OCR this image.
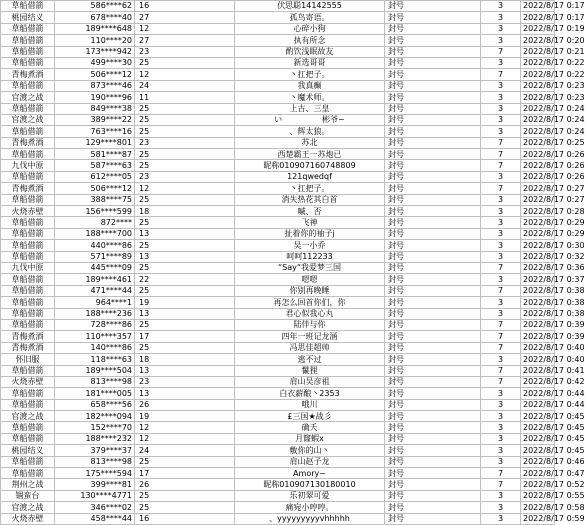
草船借箭	586****62	16	伏思聪14142555	封号	3	2022/8/17 0:17
桃园结义	678****40	27	孤鸟寄语。	封号	3	2022/8/17 0:17
草船借箭	189****648	12	心碎小狗	封号	3	2022/8/17 0:19
草船借箭	110****20	27	执有所念	封号	3	2022/8/17 0:20
草船借箭	173****942	23	酌饮浅眠故友	封号	7	2022/8/17 0:21
草船借箭	499****30	25	新选哥哥	封号	3	2022/8/17 0:22
青梅煮酒	506****12	12	丶扛把子。	封号	7	2022/8/17 0:22
草船借箭	873****46	24	我真癫	封号	3	2022/8/17 0:23
官渡之战	190****96	11	丶魔术师。	封号	3	2022/8/17 0:23
草船借箭	849****38	25	上古、三皇	封号	3	2022/8/17 0:24
官渡之战	389****22	25	い　　　　　彬爷~	封号	3	2022/8/17 0:24
草船借箭	763****16	25	、辉太狼。	封号	3	2022/8/17 0:24
青梅煮酒	129****801	23	苏北	封号	7	2022/8/17 0:25
草船借箭	581****87	25	西楚霸王一苏炮已	封号	7	2022/8/17 0:26
九伐中原	587****63	25	昵称0109071607488​09	封号	7	2022/8/17 0:26
草船借箭	612****05	23	121qwedqf	封号	3	2022/8/17 0:26
青梅煮酒	506****12	12	丶扛把子。	封号	7	2022/8/17 0:27
草船借箭	388****75	25	消失热花其白首	封号	3	2022/8/17 0:27
火烧赤壁	156****599	18	嘁、否	封号	3	2022/8/17 0:28
草船借箭	872****	25	飞神	封号	3	2022/8/17 0:29
草船借箭	188****700	13	扯着你的袖子j	封号	3	2022/8/17 0:29
草船借箭	440****86	25	吴一小乔	封号	3	2022/8/17 0:30
草船借箭	571****89	13	呵呵112233	封号	3	2022/8/17 0:32
九伐中原	445****09	25	“Say“我爱梦三国	封号	7	2022/8/17 0:36
草船借箭	189****461	22	嗯嗯	封号	3	2022/8/17 0:37
草船借箭	471****44	25	你别再晚睡	封号	7	2022/8/17 0:38
草船借箭	964****1	19	再怎么回首你们，你	封号	3	2022/8/17 0:38
草船借箭	188****236	13	君心似我心丸	封号	3	2022/8/17 0:38
草船借箭	728****86	25	陆伴与你	封号	7	2022/8/17 0:39
青梅煮酒	110****357	17	四年一班记龙涵	封号	7	2022/8/17 0:39
青梅煮酒	140****86	25	冯思佳超帅	封号	7	2022/8/17 0:40
怀旧服	118****63	18	逃不过	封号	3	2022/8/17 0:40
草船借箭	189****504	13	鬣狸	封号	7	2022/8/17 0:41
火烧赤壁	813****98	23	肩山吴彦祖	封号	7	2022/8/17 0:42
草船借箭	181****005	13	白衣薪酿丶2353	封号	3	2022/8/17 0:44
草船借箭	658****56	26	哦川	封号	3	2022/8/17 0:44
官渡之战	182****094	19	£三国★战彡	封号	3	2022/8/17 0:45
草船借箭	152****70	12	确夭	封号	3	2022/8/17 0:45
草船借箭	188****232	12	月窿蝦x	封号	3	2022/8/17 0:45
桃园结义	379****37	24	敷你的山丶	封号	3	2022/8/17 0:45
草船借箭	813****98	25	肩山赵子龙	封号	3	2022/8/17 0:46
草船借箭	175****594	17	Amory~	封号	7	2022/8/17 0:47
荆州之战	399****81	26	昵称0109071301800​10	封号	7	2022/8/17 0:52
锢蛮台	130****4771	25	乐初翠可爱	封号	3	2022/8/17 0:55
官渡之战	346****02	25	痛宛小哼哼。	封号	3	2022/8/17 0:58
火烧赤壁	458****44	16	、yyyyyyyyyvhhhhh	封号	3	2022/8/17 0:59
